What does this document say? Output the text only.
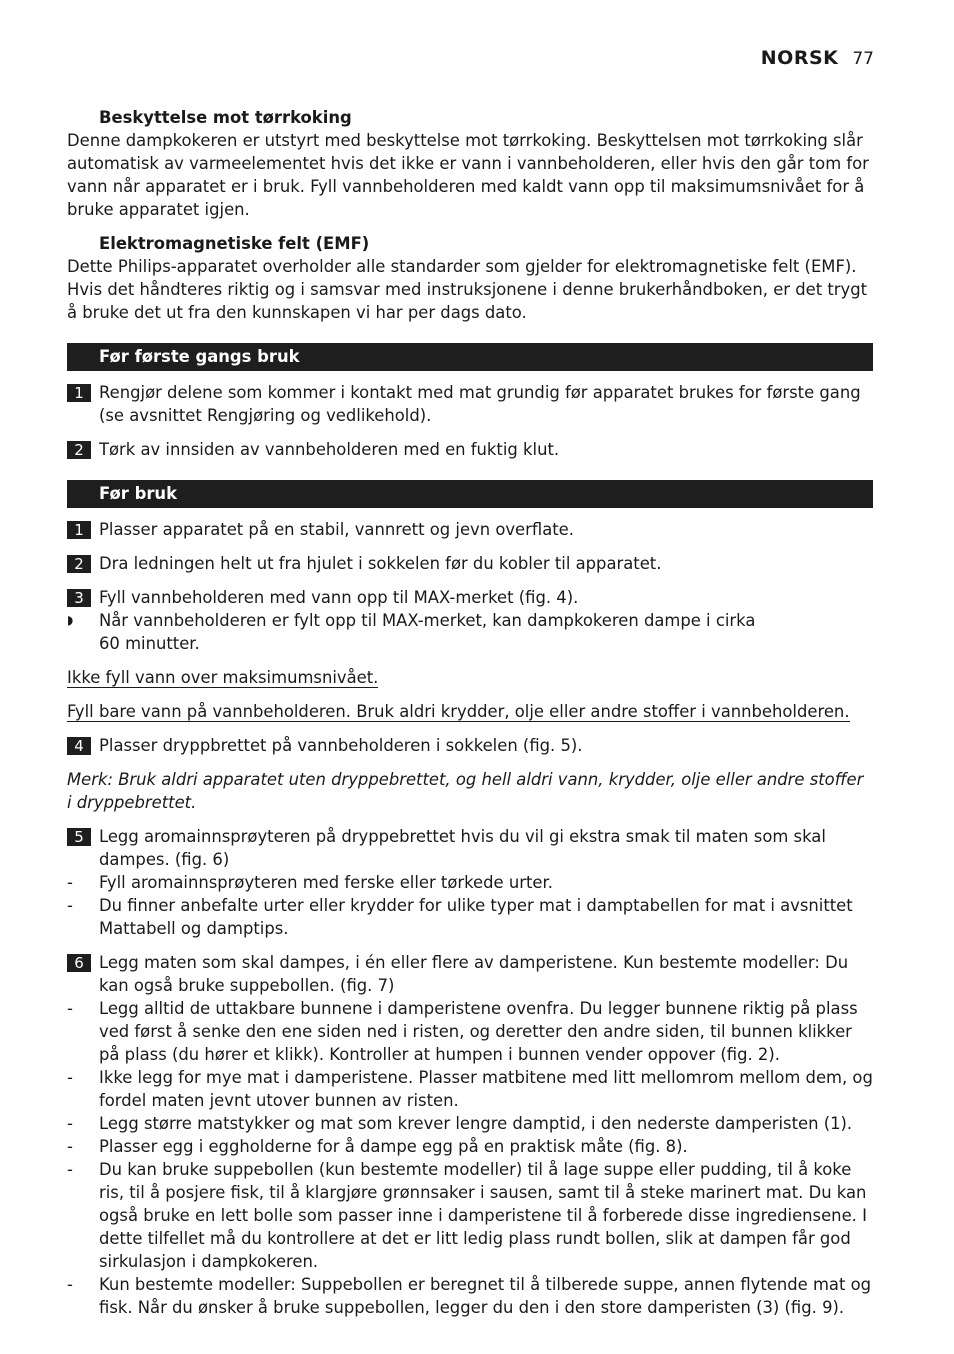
NORSK 77

Beskyttelse mot tørrkoking

Denne dampkokeren er utstyrt med beskyttelse mot tørrkoking. Beskyttelsen mot tørrkoking slår automatisk av varmeelementet hvis det ikke er vann i vannbeholderen, eller hvis den går tom for vann når apparatet er i bruk. Fyll vannbeholderen med kaldt vann opp til maksimumsnivået for å bruke apparatet igjen.

Elektromagnetiske felt (EMF)

Dette Philips-apparatet overholder alle standarder som gjelder for elektromagnetiske felt (EMF). Hvis det håndteres riktig og i samsvar med instruksjonene i denne brukerhåndboken, er det trygt å bruke det ut fra den kunnskapen vi har per dags dato.

Før første gangs bruk
1 Rengjør delene som kommer i kontakt med mat grundig før apparatet brukes for første gang (se avsnittet Rengjøring og vedlikehold).
2 Tørk av innsiden av vannbeholderen med en fuktig klut.
Før bruk
1 Plasser apparatet på en stabil, vannrett og jevn overflate.
2 Dra ledningen helt ut fra hjulet i sokkelen før du kobler til apparatet.
3 Fyll vannbeholderen med vann opp til MAX-merket (fig. 4).
◗	Når vannbeholderen er fylt opp til MAX-merket, kan dampkokeren dampe i cirka 60 minutter.

Ikke fyll vann over maksimumsnivået.

Fyll bare vann på vannbeholderen. Bruk aldri krydder, olje eller andre stoffer i vannbeholderen.

4 Plasser dryppbrettet på vannbeholderen i sokkelen (fig. 5).

Merk: Bruk aldri apparatet uten dryppebrettet, og hell aldri vann, krydder, olje eller andre stoffer i dryppebrettet.

5 Legg aromainnsprøyteren på dryppebrettet hvis du vil gi ekstra smak til maten som skal dampes. (fig. 6)
-	Fyll aromainnsprøyteren med ferske eller tørkede urter.
-	Du finner anbefalte urter eller krydder for ulike typer mat i damptabellen for mat i avsnittet Mattabell og damptips.
6 Legg maten som skal dampes, i én eller flere av damperistene. Kun bestemte modeller: Du kan også bruke suppebollen. (fig. 7)
-	Legg alltid de uttakbare bunnene i damperistene ovenfra. Du legger bunnene riktig på plass ved først å senke den ene siden ned i risten, og deretter den andre siden, til bunnen klikker på plass (du hører et klikk). Kontroller at humpen i bunnen vender oppover (fig. 2).
-	Ikke legg for mye mat i damperistene. Plasser matbitene med litt mellomrom mellom dem, og fordel maten jevnt utover bunnen av risten.
-	Legg større matstykker og mat som krever lengre damptid, i den nederste damperisten (1).
-	Plasser egg i eggholderne for å dampe egg på en praktisk måte (fig. 8).
-	Du kan bruke suppebollen (kun bestemte modeller) til å lage suppe eller pudding, til å koke ris, til å posjere fisk, til å klargjøre grønnsaker i sausen, samt til å steke marinert mat. Du kan også bruke en lett bolle som passer inne i damperistene til å forberede disse ingrediensene. I dette tilfellet må du kontrollere at det er litt ledig plass rundt bollen, slik at dampen får god sirkulasjon i dampkokeren.
-	Kun bestemte modeller: Suppebollen er beregnet til å tilberede suppe, annen flytende mat og fisk. Når du ønsker å bruke suppebollen, legger du den i den store damperisten (3) (fig. 9).
